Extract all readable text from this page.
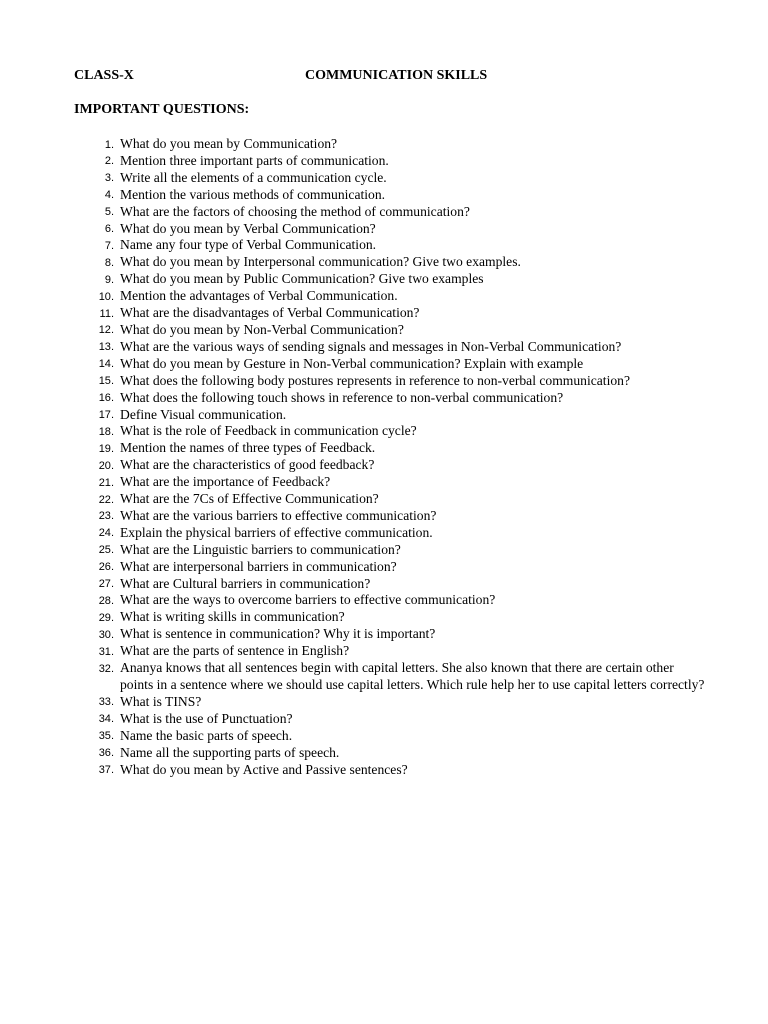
CLASS-X	COMMUNICATION SKILLS
IMPORTANT QUESTIONS:
1 . What do you mean by Communication?
2 . Mention three important parts of communication.
3 . Write all the elements of a communication cycle.
4 . Mention the various methods of communication.
5 . What are the factors of choosing the method of communication?
6 . What do you mean by Verbal Communication?
7 . Name any four type of Verbal Communication.
8 . What do you mean by Interpersonal communication? Give two examples.
9 . What do you mean by Public Communication? Give two examples
10 . Mention the advantages of Verbal Communication.
11 . What are the disadvantages of Verbal Communication?
12 . What do you mean by Non-Verbal Communication?
13 . What are the various ways of sending signals and messages in Non-Verbal Communication?
14 . What do you mean by Gesture in Non-Verbal communication? Explain with example
15 . What does the following body postures represents in reference to non-verbal communication?
16 . What does the following touch shows in reference to non-verbal communication?
17 . Define Visual communication.
18 . What is the role of Feedback in communication cycle?
19 . Mention the names of three types of Feedback.
20 . What are the characteristics of good feedback?
21 . What are the importance of Feedback?
22 . What are the 7Cs of Effective Communication?
23 . What are the various barriers to effective communication?
24 . Explain the physical barriers of effective communication.
25 . What are the Linguistic barriers to communication?
26 . What are interpersonal barriers in communication?
27 . What are Cultural barriers in communication?
28 . What are the ways to overcome barriers to effective communication?
29 . What is writing skills in communication?
30 . What is sentence in communication? Why it is important?
31 . What are the parts of sentence in English?
32 . Ananya knows that all sentences begin with capital letters. She also known that there are certain other points in a sentence where we should use capital letters. Which rule help her to use capital letters correctly?
33 . What is TINS?
34 . What is the use of Punctuation?
35 . Name the basic parts of speech.
36 . Name all the supporting parts of speech.
37 . What do you mean by Active and Passive sentences?
